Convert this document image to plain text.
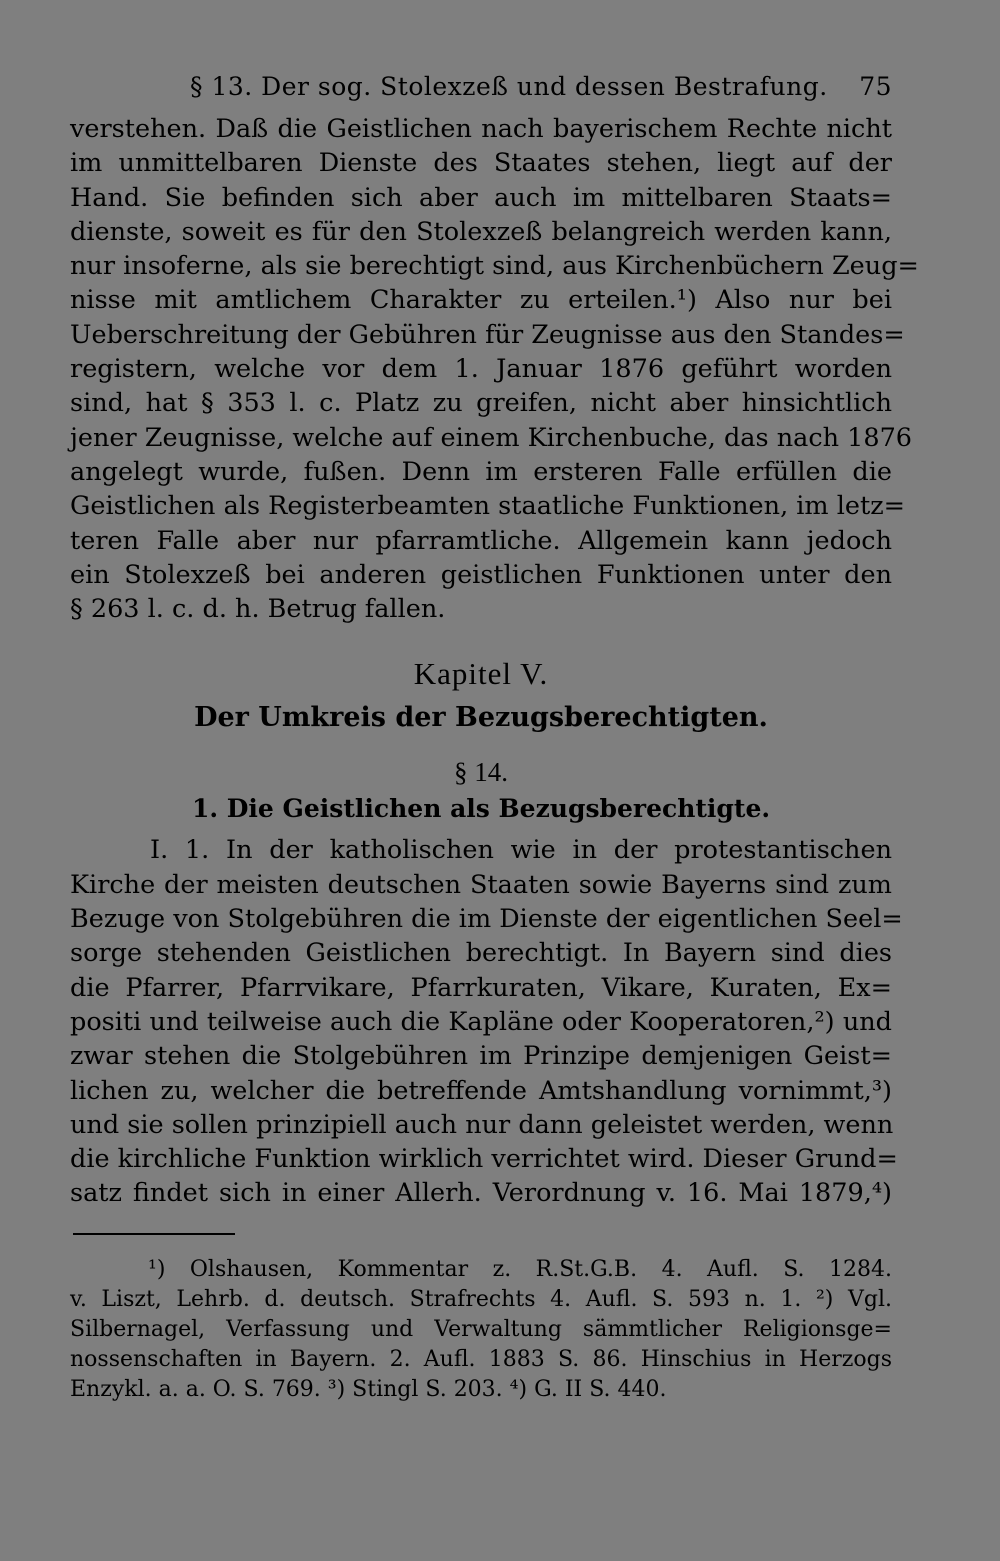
§ 13. Der sog. Stolexzeß und dessen Bestrafung. 75
verstehen. Daß die Geistlichen nach bayerischem Rechte nicht
im unmittelbaren Dienste des Staates stehen, liegt auf der
Hand. Sie befinden sich aber auch im mittelbaren Staats=
dienste, soweit es für den Stolexzeß belangreich werden kann,
nur insoferne, als sie berechtigt sind, aus Kirchenbüchern Zeug=
nisse mit amtlichem Charakter zu erteilen.¹) Also nur bei
Ueberschreitung der Gebühren für Zeugnisse aus den Standes=
registern, welche vor dem 1. Januar 1876 geführt worden
sind, hat § 353 l. c. Platz zu greifen, nicht aber hinsichtlich
jener Zeugnisse, welche auf einem Kirchenbuche, das nach 1876
angelegt wurde, fußen. Denn im ersteren Falle erfüllen die
Geistlichen als Registerbeamten staatliche Funktionen, im letz=
teren Falle aber nur pfarramtliche. Allgemein kann jedoch
ein Stolexzeß bei anderen geistlichen Funktionen unter den
§ 263 l. c. d. h. Betrug fallen.
Kapitel V.
Der Umkreis der Bezugsberechtigten.
§ 14.
1. Die Geistlichen als Bezugsberechtigte.
I. 1. In der katholischen wie in der protestantischen
Kirche der meisten deutschen Staaten sowie Bayerns sind zum
Bezuge von Stolgebühren die im Dienste der eigentlichen Seel=
sorge stehenden Geistlichen berechtigt. In Bayern sind dies
die Pfarrer, Pfarrvikare, Pfarrkuraten, Vikare, Kuraten, Ex=
positi und teilweise auch die Kapläne oder Kooperatoren,²) und
zwar stehen die Stolgebühren im Prinzipe demjenigen Geist=
lichen zu, welcher die betreffende Amtshandlung vornimmt,³)
und sie sollen prinzipiell auch nur dann geleistet werden, wenn
die kirchliche Funktion wirklich verrichtet wird. Dieser Grund=
satz findet sich in einer Allerh. Verordnung v. 16. Mai 1879,⁴)
¹) Olshausen, Kommentar z. R.St.G.B. 4. Aufl. S. 1284.
v. Liszt, Lehrb. d. deutsch. Strafrechts 4. Aufl. S. 593 n. 1. ²) Vgl.
Silbernagel, Verfassung und Verwaltung sämmtlicher Religionsge=
nossenschaften in Bayern. 2. Aufl. 1883 S. 86. Hinschius in Herzogs
Enzykl. a. a. O. S. 769. ³) Stingl S. 203. ⁴) G. II S. 440.
